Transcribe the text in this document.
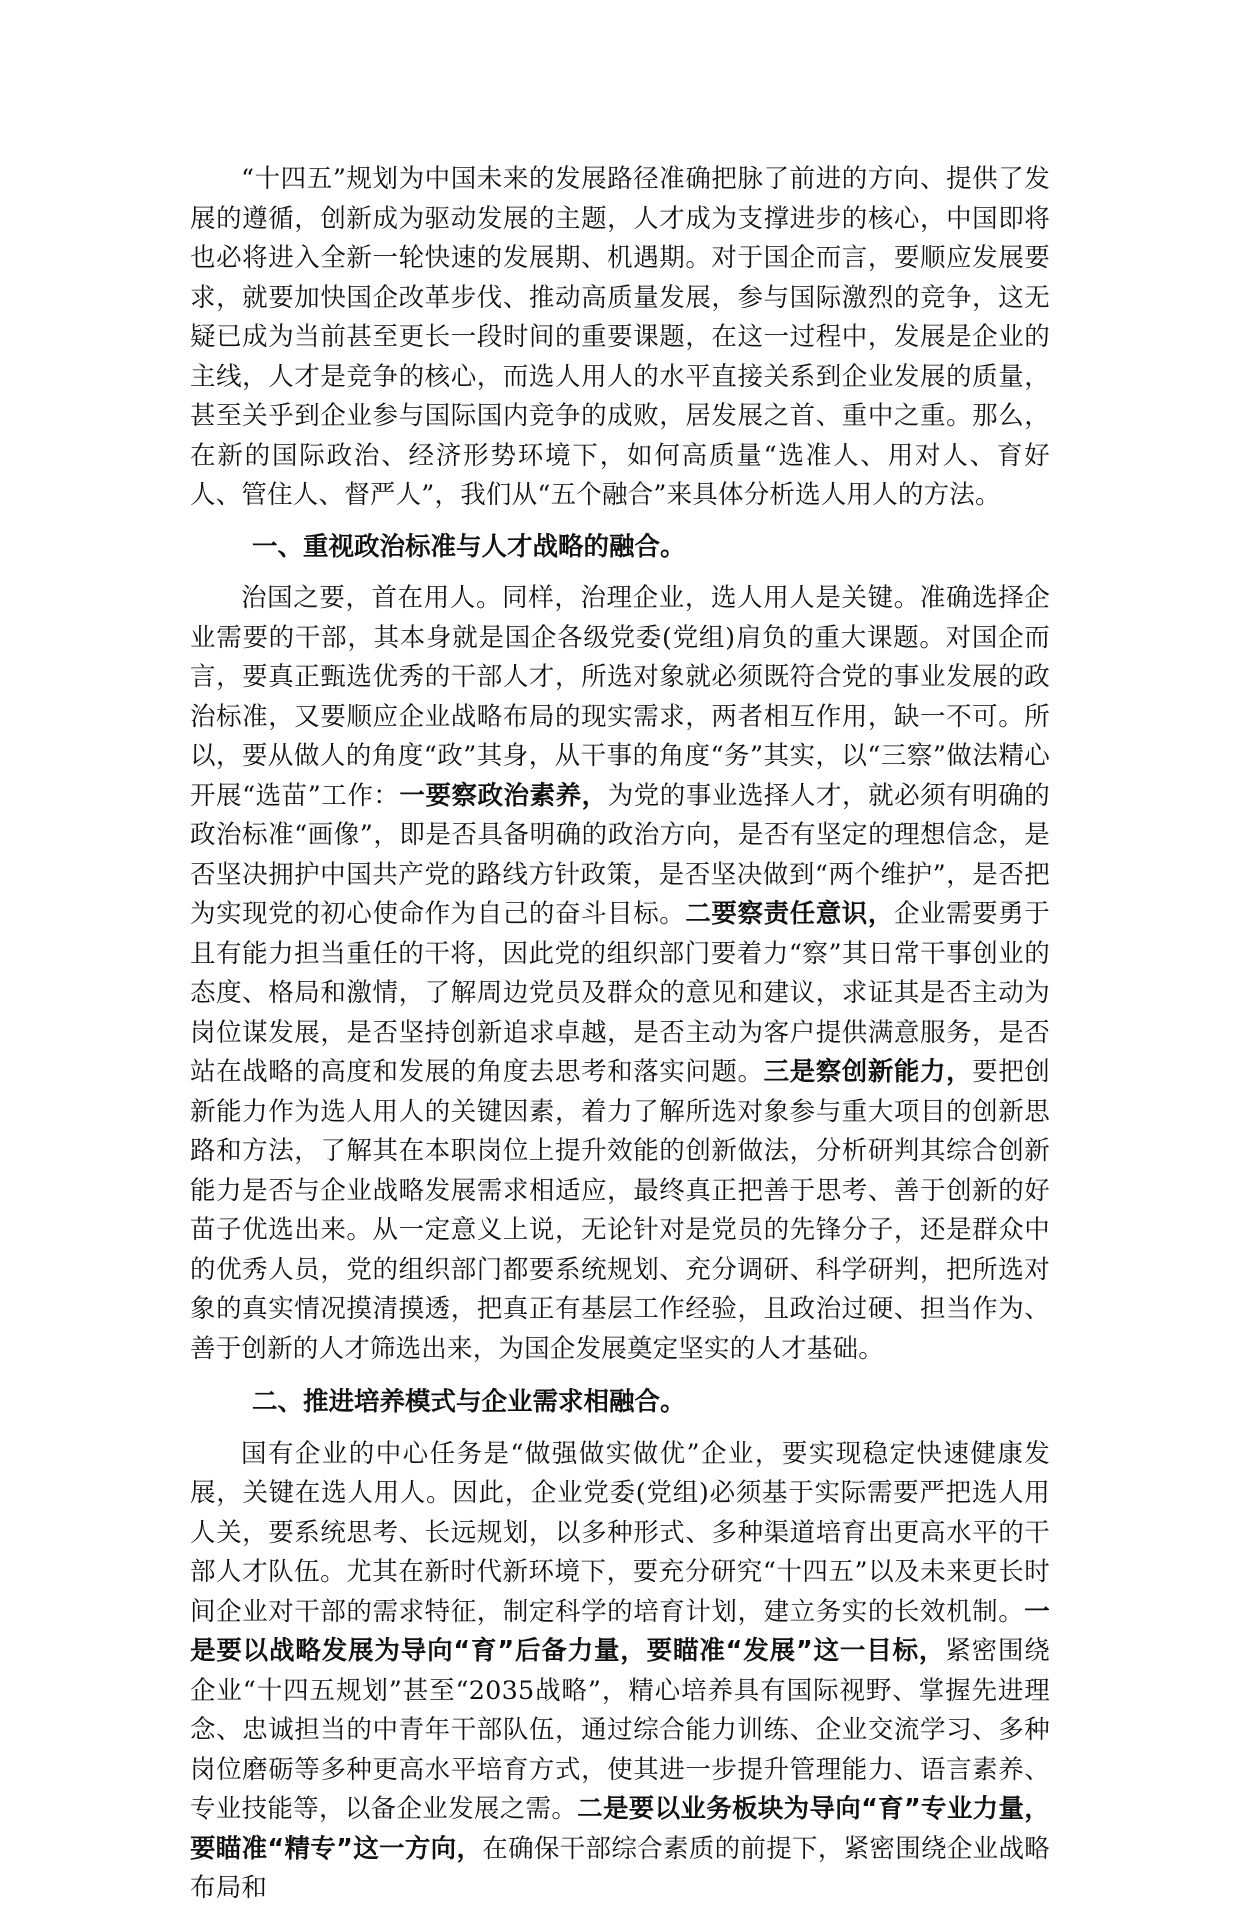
“十四五”规划为中国未来的发展路径准确把脉了前进的方向、提供了发展的遵循，创新成为驱动发展的主题，人才成为支撑进步的核心，中国即将也必将进入全新一轮快速的发展期、机遇期。对于国企而言，要顺应发展要求，就要加快国企改革步伐、推动高质量发展，参与国际激烈的竞争，这无疑已成为当前甚至更长一段时间的重要课题，在这一过程中，发展是企业的主线，人才是竞争的核心，而选人用人的水平直接关系到企业发展的质量，甚至关乎到企业参与国际国内竞争的成败，居发展之首、重中之重。那么，在新的国际政治、经济形势环境下，如何高质量“选准人、用对人、育好人、管住人、督严人”，我们从“五个融合”来具体分析选人用人的方法。

一、重视政治标准与人才战略的融合。

治国之要，首在用人。同样，治理企业，选人用人是关键。准确选择企业需要的干部，其本身就是国企各级党委(党组)肩负的重大课题。对国企而言，要真正甄选优秀的干部人才，所选对象就必须既符合党的事业发展的政治标准，又要顺应企业战略布局的现实需求，两者相互作用，缺一不可。所以，要从做人的角度“政”其身，从干事的角度“务”其实，以“三察”做法精心开展“选苗”工作：一要察政治素养，为党的事业选择人才，就必须有明确的政治标准“画像”，即是否具备明确的政治方向，是否有坚定的理想信念，是否坚决拥护中国共产党的路线方针政策，是否坚决做到“两个维护”，是否把为实现党的初心使命作为自己的奋斗目标。二要察责任意识，企业需要勇于且有能力担当重任的干将，因此党的组织部门要着力“察”其日常干事创业的态度、格局和激情，了解周边党员及群众的意见和建议，求证其是否主动为岗位谋发展，是否坚持创新追求卓越，是否主动为客户提供满意服务，是否站在战略的高度和发展的角度去思考和落实问题。三是察创新能力，要把创新能力作为选人用人的关键因素，着力了解所选对象参与重大项目的创新思路和方法，了解其在本职岗位上提升效能的创新做法，分析研判其综合创新能力是否与企业战略发展需求相适应，最终真正把善于思考、善于创新的好苗子优选出来。从一定意义上说，无论针对是党员的先锋分子，还是群众中的优秀人员，党的组织部门都要系统规划、充分调研、科学研判，把所选对象的真实情况摸清摸透，把真正有基层工作经验，且政治过硬、担当作为、善于创新的人才筛选出来，为国企发展奠定坚实的人才基础。

二、推进培养模式与企业需求相融合。

国有企业的中心任务是“做强做实做优”企业，要实现稳定快速健康发展，关键在选人用人。因此，企业党委(党组)必须基于实际需要严把选人用人关，要系统思考、长远规划，以多种形式、多种渠道培育出更高水平的干部人才队伍。尤其在新时代新环境下，要充分研究“十四五”以及未来更长时间企业对干部的需求特征，制定科学的培育计划，建立务实的长效机制。一是要以战略发展为导向“育”后备力量，要瞄准“发展”这一目标，紧密围绕企业“十四五规划”甚至“2035战略”，精心培养具有国际视野、掌握先进理念、忠诚担当的中青年干部队伍，通过综合能力训练、企业交流学习、多种岗位磨砺等多种更高水平培育方式，使其进一步提升管理能力、语言素养、专业技能等，以备企业发展之需。二是要以业务板块为导向“育”专业力量，要瞄准“精专”这一方向，在确保干部综合素质的前提下，紧密围绕企业战略布局和
